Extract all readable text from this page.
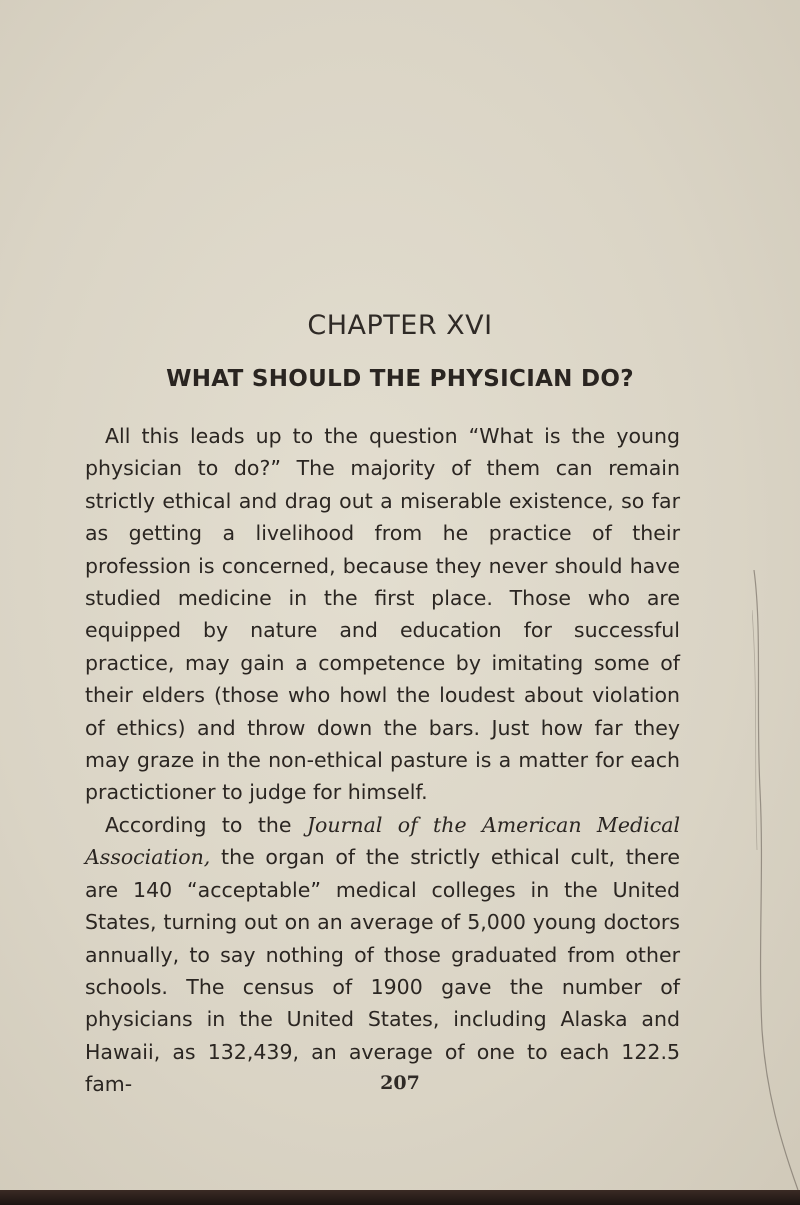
CHAPTER XVI
WHAT SHOULD THE PHYSICIAN DO?

All this leads up to the question “What is the young physician to do?” The majority of them can remain strictly ethical and drag out a miserable existence, so far as getting a livelihood from he practice of their profession is concerned, because they never should have studied medicine in the first place. Those who are equipped by nature and education for successful practice, may gain a competence by imitating some of their elders (those who howl the loudest about violation of ethics) and throw down the bars. Just how far they may graze in the non-ethical pasture is a matter for each practictioner to judge for himself.

According to the Journal of the American Medical Association, the organ of the strictly ethical cult, there are 140 “acceptable” medical colleges in the United States, turning out on an average of 5,000 young doctors annually, to say nothing of those graduated from other schools. The census of 1900 gave the number of physicians in the United States, including Alaska and Hawaii, as 132,439, an average of one to each 122.5 fam-	207
